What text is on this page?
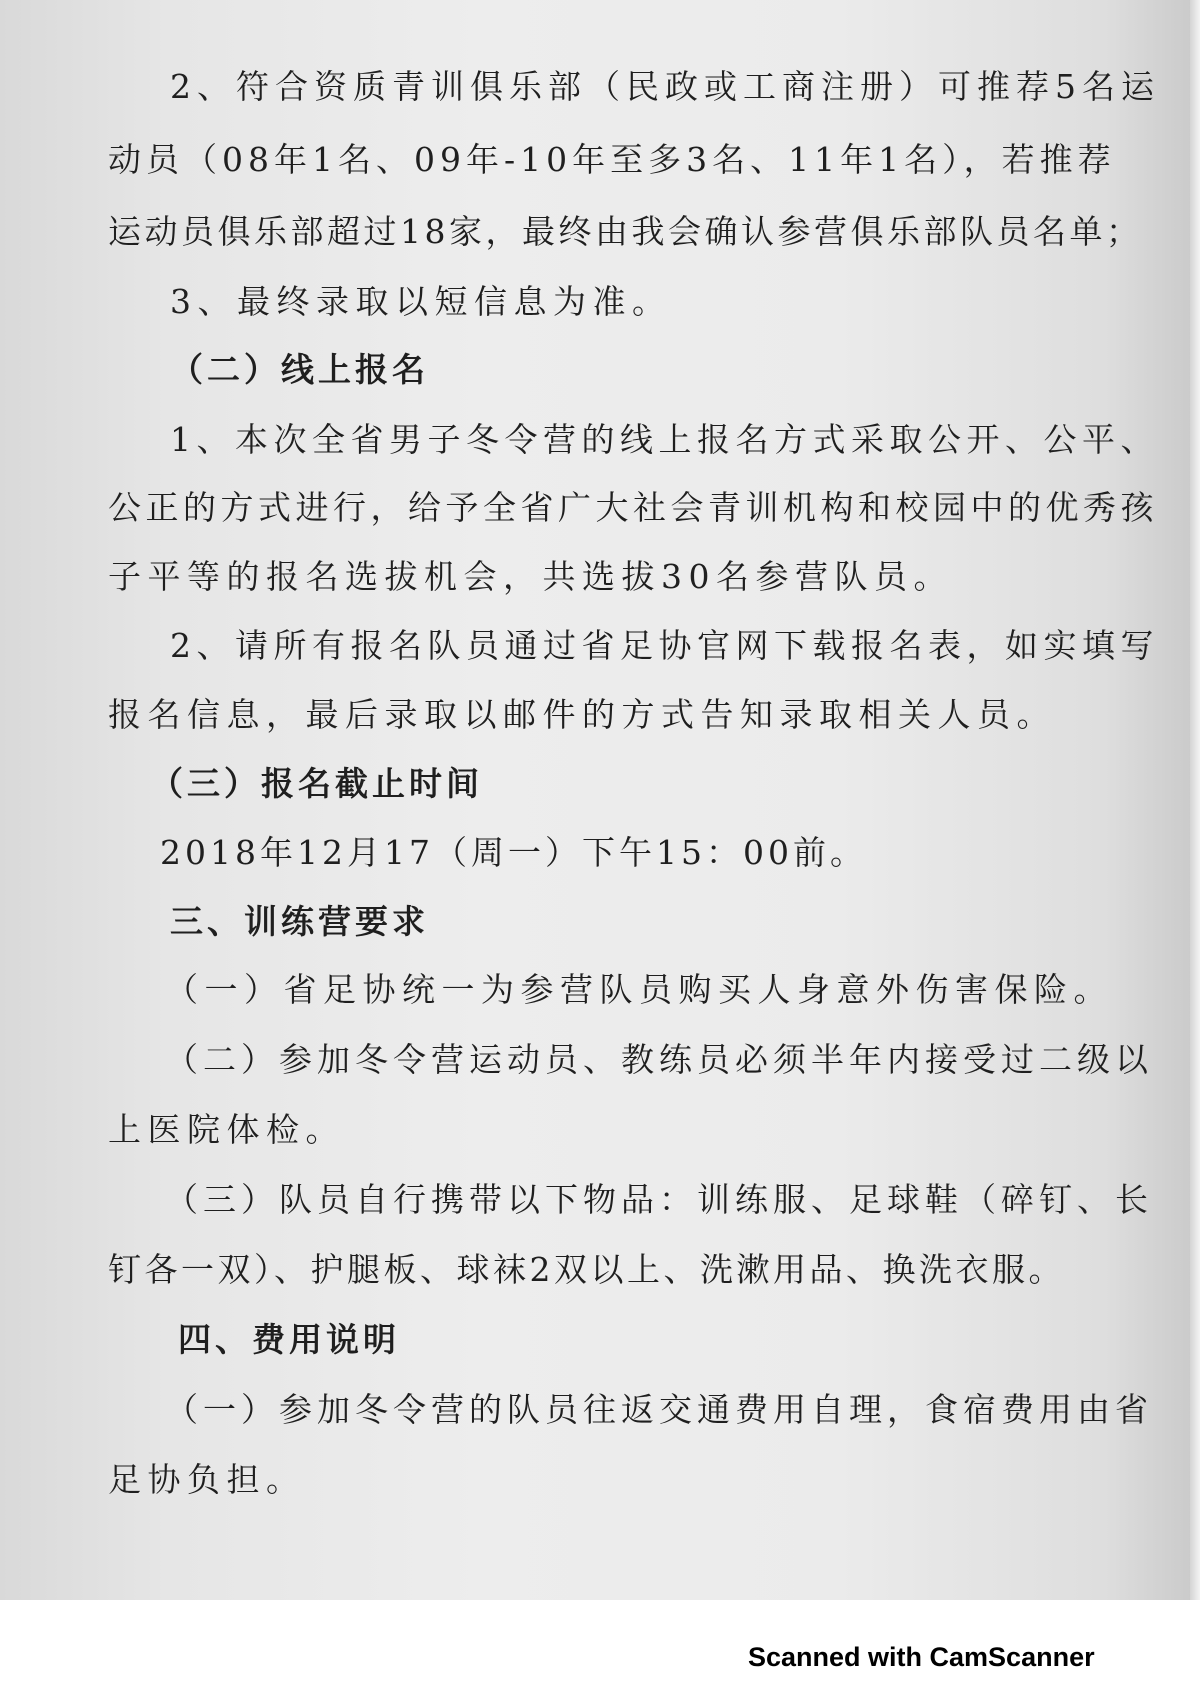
2、符合资质青训俱乐部（民政或工商注册）可推荐5名运

动员（08年1名、09年-10年至多3名、11年1名），若推荐

运动员俱乐部超过18家，最终由我会确认参营俱乐部队员名单；

3、最终录取以短信息为准。

（二）线上报名

1、本次全省男子冬令营的线上报名方式采取公开、公平、

公正的方式进行，给予全省广大社会青训机构和校园中的优秀孩

子平等的报名选拔机会，共选拔30名参营队员。

2、请所有报名队员通过省足协官网下载报名表，如实填写

报名信息，最后录取以邮件的方式告知录取相关人员。

（三）报名截止时间

2018年12月17（周一）下午15：00前。

三、训练营要求

（一）省足协统一为参营队员购买人身意外伤害保险。

（二）参加冬令营运动员、教练员必须半年内接受过二级以

上医院体检。

（三）队员自行携带以下物品：训练服、足球鞋（碎钉、长

钉各一双）、护腿板、球袜2双以上、洗漱用品、换洗衣服。

四、费用说明

（一）参加冬令营的队员往返交通费用自理，食宿费用由省

足协负担。

Scanned with CamScanner
